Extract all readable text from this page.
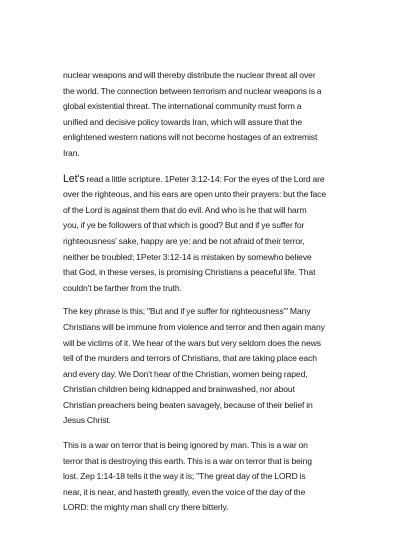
nuclear weapons and will thereby distribute the nuclear threat all over
the world. The connection between terrorism and nuclear weapons is a
global existential threat. The international community must form a
unified and decisive policy towards Iran, which will assure that the
enlightened western nations will not become hostages of an extremist
Iran.

Let's read a little scripture. 1Peter 3:12-14: For the eyes of the Lord are
over the righteous, and his ears are open unto their prayers: but the face
of the Lord is against them that do evil. And who is he that will harm
you, if ye be followers of that which is good? But and if ye suffer for
righteousness' sake, happy are ye: and be not afraid of their terror,
neither be troubled; 1Peter 3:12-14 is mistaken by somewho believe
that God, in these verses, is promising Christians a peaceful life. That
couldn't be farther from the truth.

The key phrase is this; "But and if ye suffer for righteousness'" Many
Christians will be immune from violence and terror and then again many
will be victims of it. We hear of the wars but very seldom does the news
tell of the murders and terrors of Christians, that are taking place each
and every day. We Don't hear of the Christian, women being raped,
Christian children being kidnapped and brainwashed, nor about
Christian preachers being beaten savagely, because of their belief in
Jesus Christ.

This is a war on terror that is being ignored by man. This is a war on
terror that is destroying this earth. This is a war on terror that is being
lost. Zep 1:14-18 tells it the way it is; "The great day of the LORD is
near, it is near, and hasteth greatly, even the voice of the day of the
LORD: the mighty man shall cry there bitterly.
